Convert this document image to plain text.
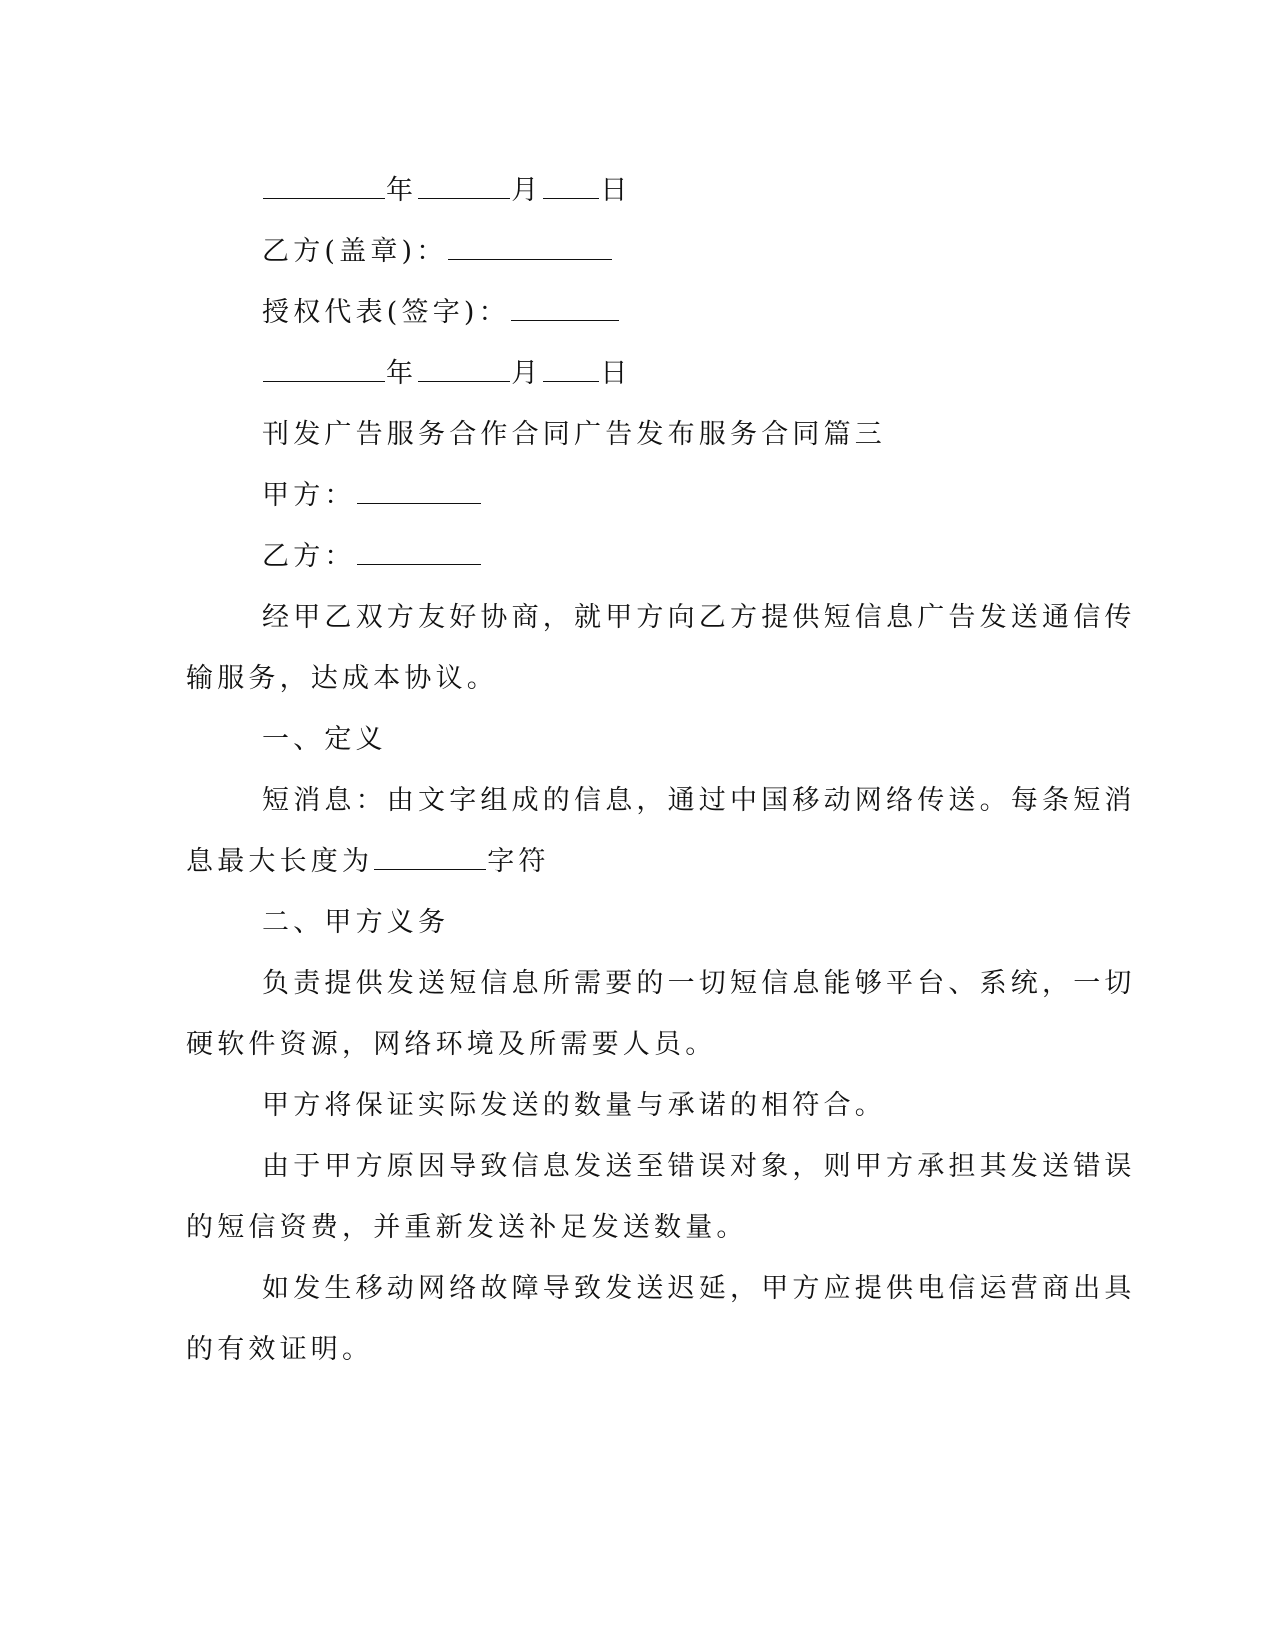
年	月 日
乙方(盖章)：
授权代表(签字)：
年	月 日
刊发广告服务合作合同广告发布服务合同篇三
甲方：
乙方：
经甲乙双方友好协商，就甲方向乙方提供短信息广告发送通信传
输服务，达成本协议。
一、定义
短消息：由文字组成的信息，通过中国移动网络传送。每条短消
息最大长度为	字符
二、甲方义务
负责提供发送短信息所需要的一切短信息能够平台、系统，一切
硬软件资源，网络环境及所需要人员。
甲方将保证实际发送的数量与承诺的相符合。
由于甲方原因导致信息发送至错误对象，则甲方承担其发送错误
的短信资费，并重新发送补足发送数量。
如发生移动网络故障导致发送迟延，甲方应提供电信运营商出具
的有效证明。
